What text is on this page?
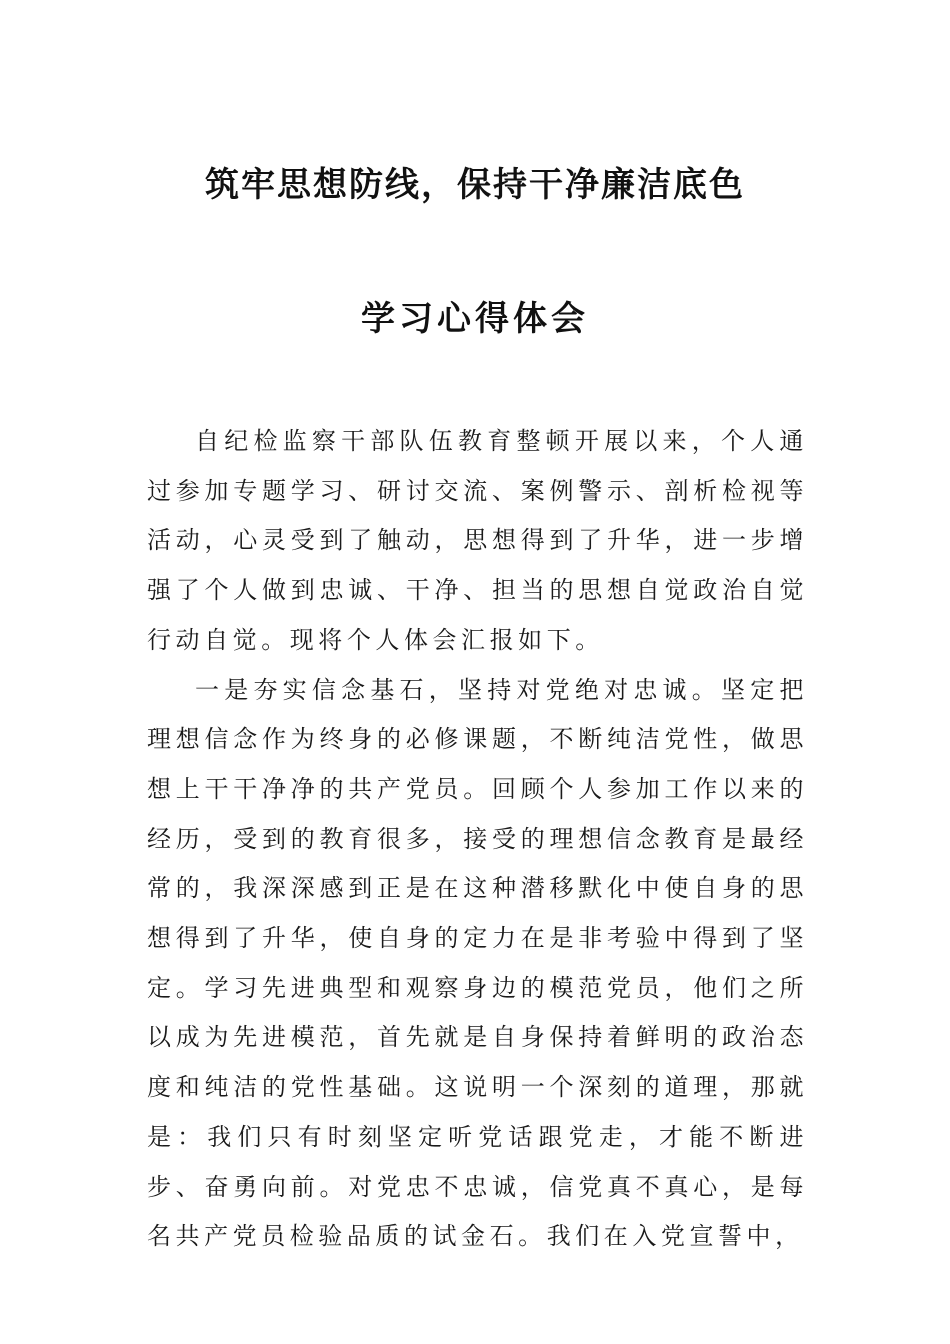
筑牢思想防线，保持干净廉洁底色
学习心得体会

自纪检监察干部队伍教育整顿开展以来，个人通过参加专题学习、研讨交流、案例警示、剖析检视等活动，心灵受到了触动，思想得到了升华，进一步增强了个人做到忠诚、干净、担当的思想自觉政治自觉行动自觉。现将个人体会汇报如下。

一是夯实信念基石，坚持对党绝对忠诚。坚定把理想信念作为终身的必修课题，不断纯洁党性，做思想上干干净净的共产党员。回顾个人参加工作以来的经历，受到的教育很多，接受的理想信念教育是最经常的，我深深感到正是在这种潜移默化中使自身的思想得到了升华，使自身的定力在是非考验中得到了坚定。学习先进典型和观察身边的模范党员，他们之所以成为先进模范，首先就是自身保持着鲜明的政治态度和纯洁的党性基础。这说明一个深刻的道理，那就是：我们只有时刻坚定听党话跟党走，才能不断进步、奋勇向前。对党忠不忠诚，信党真不真心，是每名共产党员检验品质的试金石。我们在入党宣誓中，
